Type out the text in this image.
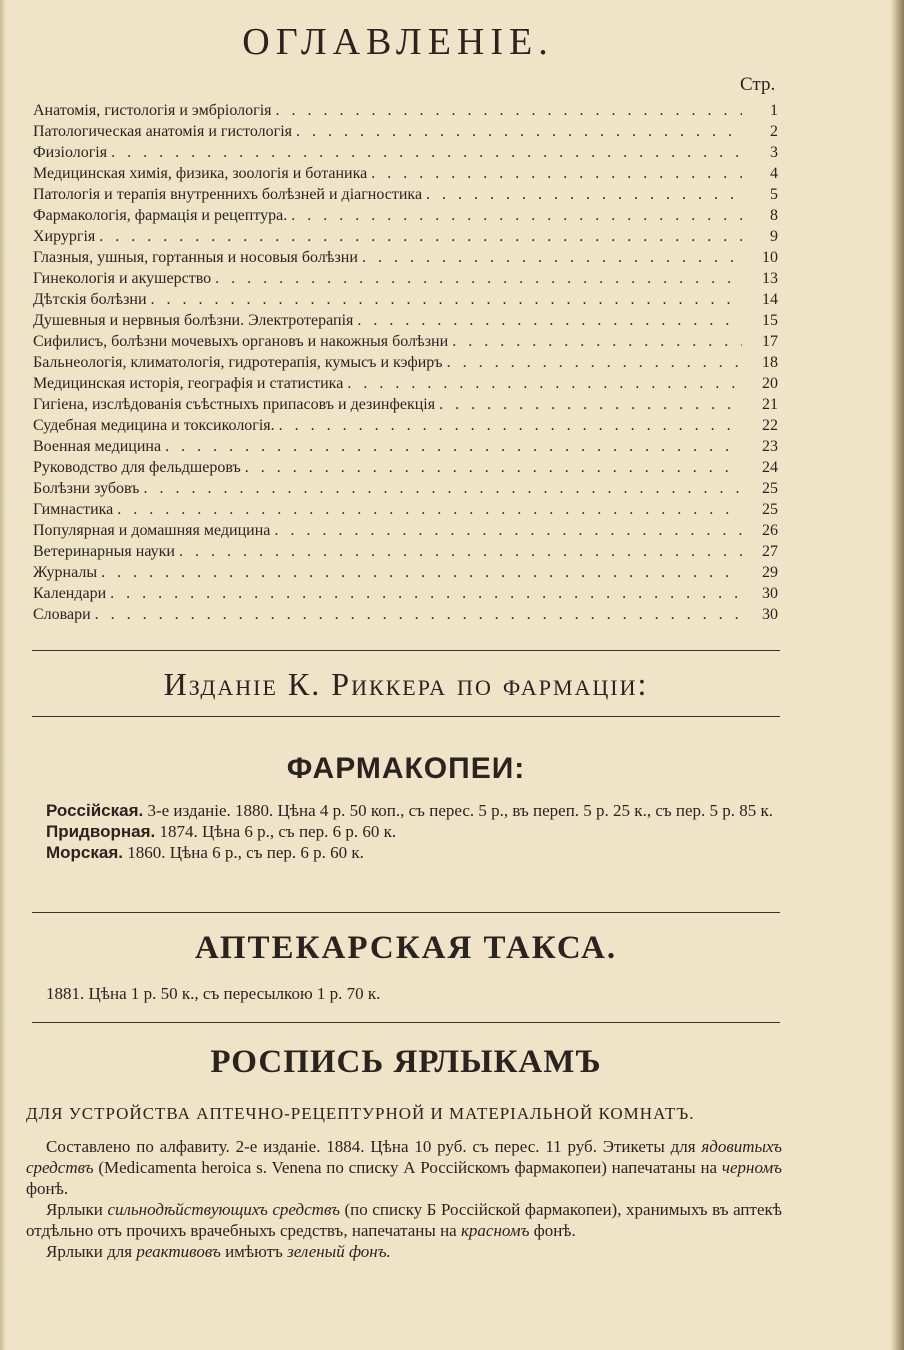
ОГЛАВЛЕНІЕ.
Стр.
Анатомія, гистологія и эмбріологія . . .	1
Патологическая анатомія и гистологія . . .	2
Физіологія . . .	3
Медицинская химія, физика, зоологія и ботаника . . .	4
Патологія и терапія внутреннихъ болѣзней и діагностика . . .	5
Фармакологія, фармація и рецептура. . . .	8
Хирургія . . .	9
Глазныя, ушныя, гортанныя и носовыя болѣзни . . .	10
Гинекологія и акушерство . . .	13
Дѣтскія болѣзни . . .	14
Душевныя и нервныя болѣзни. Электротерапія . . .	15
Сифилисъ, болѣзни мочевыхъ органовъ и накожныя болѣзни . . .	17
Бальнеологія, климатологія, гидротерапія, кумысъ и кэфиръ . . .	18
Медицинская исторія, географія и статистика . . .	20
Гигіена, изслѣдованія съѣстныхъ припасовъ и дезинфекція . . .	21
Судебная медицина и токсикологія. . . .	22
Военная медицина . . .	23
Руководство для фельдшеровъ . . .	24
Болѣзни зубовъ . . .	25
Гимнастика . . .	25
Популярная и домашняя медицина . . .	26
Ветеринарныя науки . . .	27
Журналы . . .	29
Календари . . .	30
Словари . . .	30
Изданіе К. Риккера по фармаціи:
ФАРМАКОПЕИ:

Россійская. 3-е изданіе. 1880. Цѣна 4 р. 50 коп., съ перес. 5 р., въ переп. 5 р. 25 к., съ пер. 5 р. 85 к.

Придворная. 1874. Цѣна 6 р., съ пер. 6 р. 60 к.

Морская. 1860. Цѣна 6 р., съ пер. 6 р. 60 к.

АПТЕКАРСКАЯ ТАКСА.
1881. Цѣна 1 р. 50 к., съ пересылкою 1 р. 70 к.
РОСПИСЬ ЯРЛЫКАМЪ
ДЛЯ УСТРОЙСТВА АПТЕЧНО-РЕЦЕПТУРНОЙ И МАТЕРІАЛЬНОЙ КОМНАТЪ.

Составлено по алфавиту. 2-е изданіе. 1884. Цѣна 10 руб. съ перес. 11 руб. Этикеты для ядовитыхъ средствъ (Medicamenta heroica s. Venena по списку А Россійскомъ фармакопеи) напечатаны на черномъ фонѣ.

Ярлыки сильнодѣйствующихъ средствъ (по списку Б Россійской фармакопеи), хранимыхъ въ аптекѣ отдѣльно отъ прочихъ врачебныхъ средствъ, напечатаны на красномъ фонѣ.

Ярлыки для реактивовъ имѣютъ зеленый фонъ.
